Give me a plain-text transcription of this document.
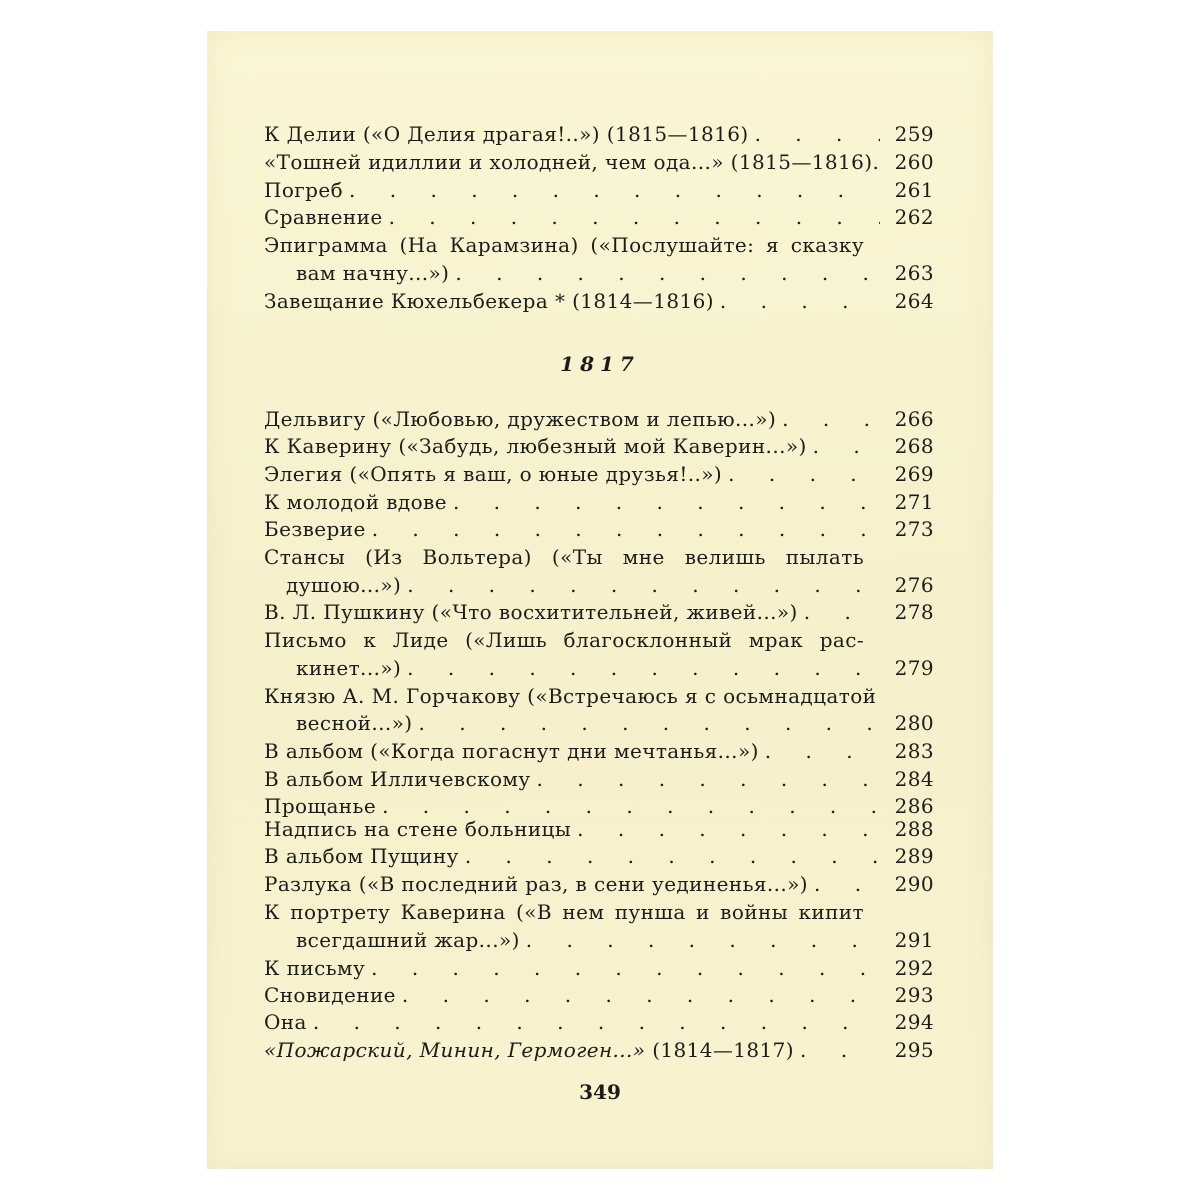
К Делии («О Делия драгая!..») (1815—1816) . . .	259
«Тошней идиллии и холодней, чем ода...» (1815—1816) . . . 260
Погреб . . .	261
Сравнение . . .	262
Эпиграмма (На Карамзина) («Послушайте: я сказку
вам начну...») . . .	263
Завещание Кюхельбекера * (1814—1816) . . .	264
1817
Дельвигу («Любовью, дружеством и лепью...») . . .	266
К Каверину («Забудь, любезный мой Каверин...») . . .	268
Элегия («Опять я ваш, о юные друзья!..») . . .	269
К молодой вдове . . .	271
Безверие . . .	273
Стансы (Из Вольтера) («Ты мне велишь пылать
душою...») . . .	276
В. Л. Пушкину («Что восхитительней, живей...») . . .	278
Письмо к Лиде («Лишь благосклонный мрак рас-
кинет...») . . .	279
Князю А. М. Горчакову («Встречаюсь я с осьмнадцатой
весной...») . . .	280
В альбом («Когда погаснут дни мечтанья...») . . .	283
В альбом Илличевскому . . .	284
Прощанье . . .	286
Надпись на стене больницы . . .	288
В альбом Пущину . . .	289
Разлука («В последний раз, в сени уединенья...») . . .	290
К портрету Каверина («В нем пунша и войны кипит
всегдашний жар...») . . .	291
К письму . . .	292
Сновидение . . .	293
Она . . .	294
«Пожарский, Минин, Гермоген...» (1814—1817) . . .	295
349
